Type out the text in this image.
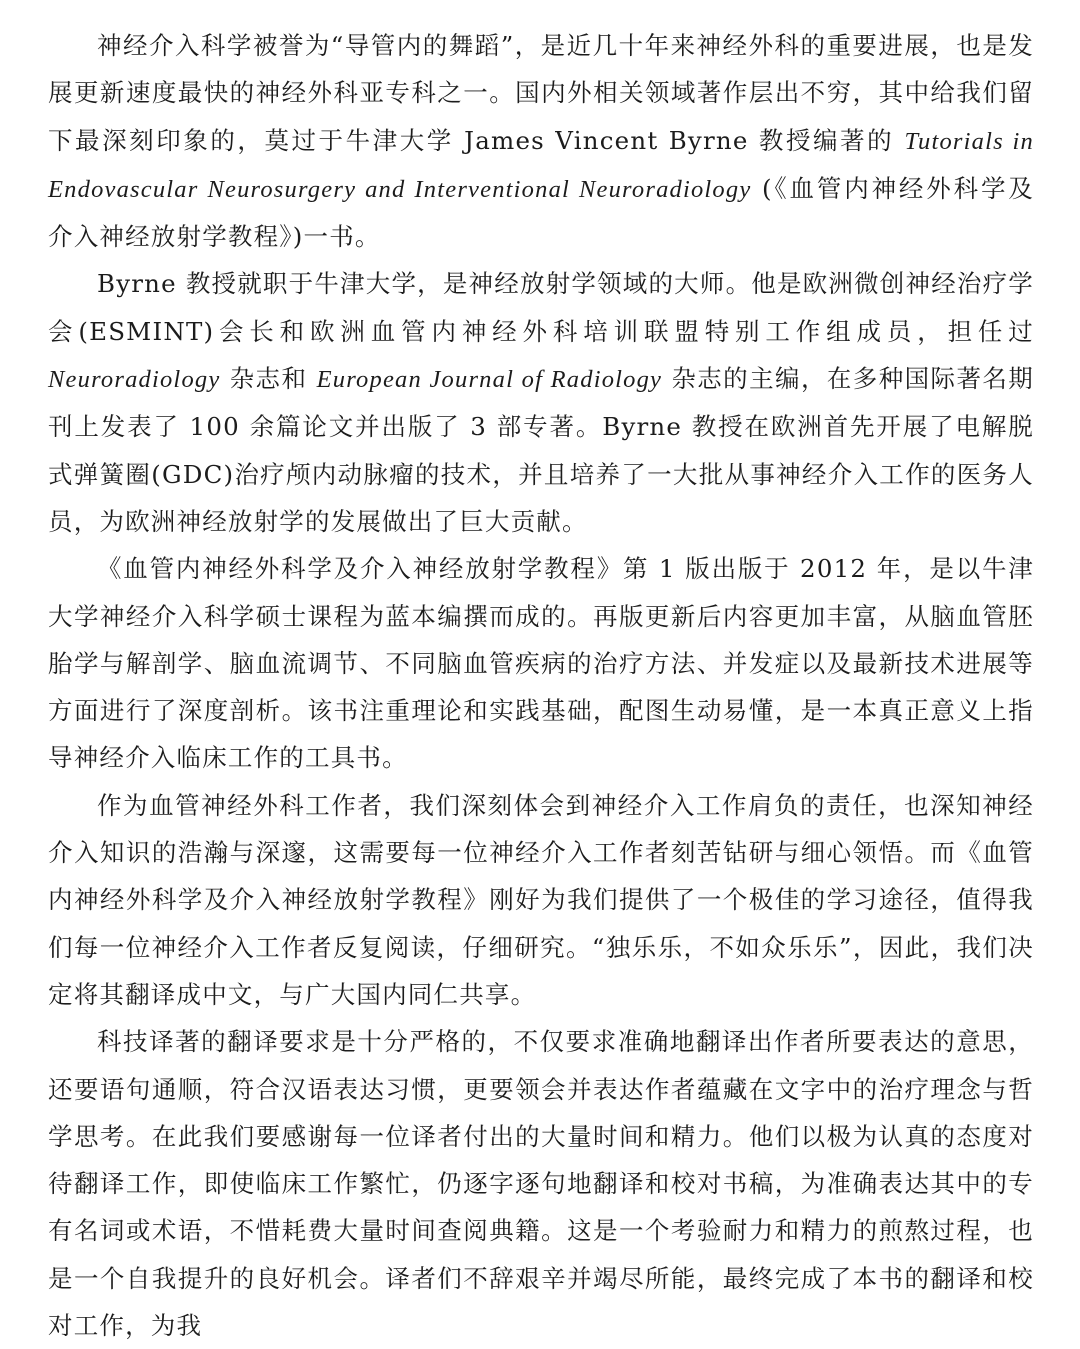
神经介入科学被誉为“导管内的舞蹈”，是近几十年来神经外科的重要进展，也是发展更新速度最快的神经外科亚专科之一。国内外相关领域著作层出不穷，其中给我们留下最深刻印象的，莫过于牛津大学 James Vincent Byrne 教授编著的 Tutorials in Endovascular Neurosurgery and Interventional Neuroradiology (《血管内神经外科学及介入神经放射学教程》)一书。

Byrne 教授就职于牛津大学，是神经放射学领域的大师。他是欧洲微创神经治疗学会(ESMINT)会长和欧洲血管内神经外科培训联盟特别工作组成员，担任过 Neuroradiology 杂志和 European Journal of Radiology 杂志的主编，在多种国际著名期刊上发表了 100 余篇论文并出版了 3 部专著。Byrne 教授在欧洲首先开展了电解脱式弹簧圈(GDC)治疗颅内动脉瘤的技术，并且培养了一大批从事神经介入工作的医务人员，为欧洲神经放射学的发展做出了巨大贡献。

《血管内神经外科学及介入神经放射学教程》第 1 版出版于 2012 年，是以牛津大学神经介入科学硕士课程为蓝本编撰而成的。再版更新后内容更加丰富，从脑血管胚胎学与解剖学、脑血流调节、不同脑血管疾病的治疗方法、并发症以及最新技术进展等方面进行了深度剖析。该书注重理论和实践基础，配图生动易懂，是一本真正意义上指导神经介入临床工作的工具书。

作为血管神经外科工作者，我们深刻体会到神经介入工作肩负的责任，也深知神经介入知识的浩瀚与深邃，这需要每一位神经介入工作者刻苦钻研与细心领悟。而《血管内神经外科学及介入神经放射学教程》刚好为我们提供了一个极佳的学习途径，值得我们每一位神经介入工作者反复阅读，仔细研究。“独乐乐，不如众乐乐”，因此，我们决定将其翻译成中文，与广大国内同仁共享。

科技译著的翻译要求是十分严格的，不仅要求准确地翻译出作者所要表达的意思，还要语句通顺，符合汉语表达习惯，更要领会并表达作者蕴藏在文字中的治疗理念与哲学思考。在此我们要感谢每一位译者付出的大量时间和精力。他们以极为认真的态度对待翻译工作，即使临床工作繁忙，仍逐字逐句地翻译和校对书稿，为准确表达其中的专有名词或术语，不惜耗费大量时间查阅典籍。这是一个考验耐力和精力的煎熬过程，也是一个自我提升的良好机会。译者们不辞艰辛并竭尽所能，最终完成了本书的翻译和校对工作，为我
